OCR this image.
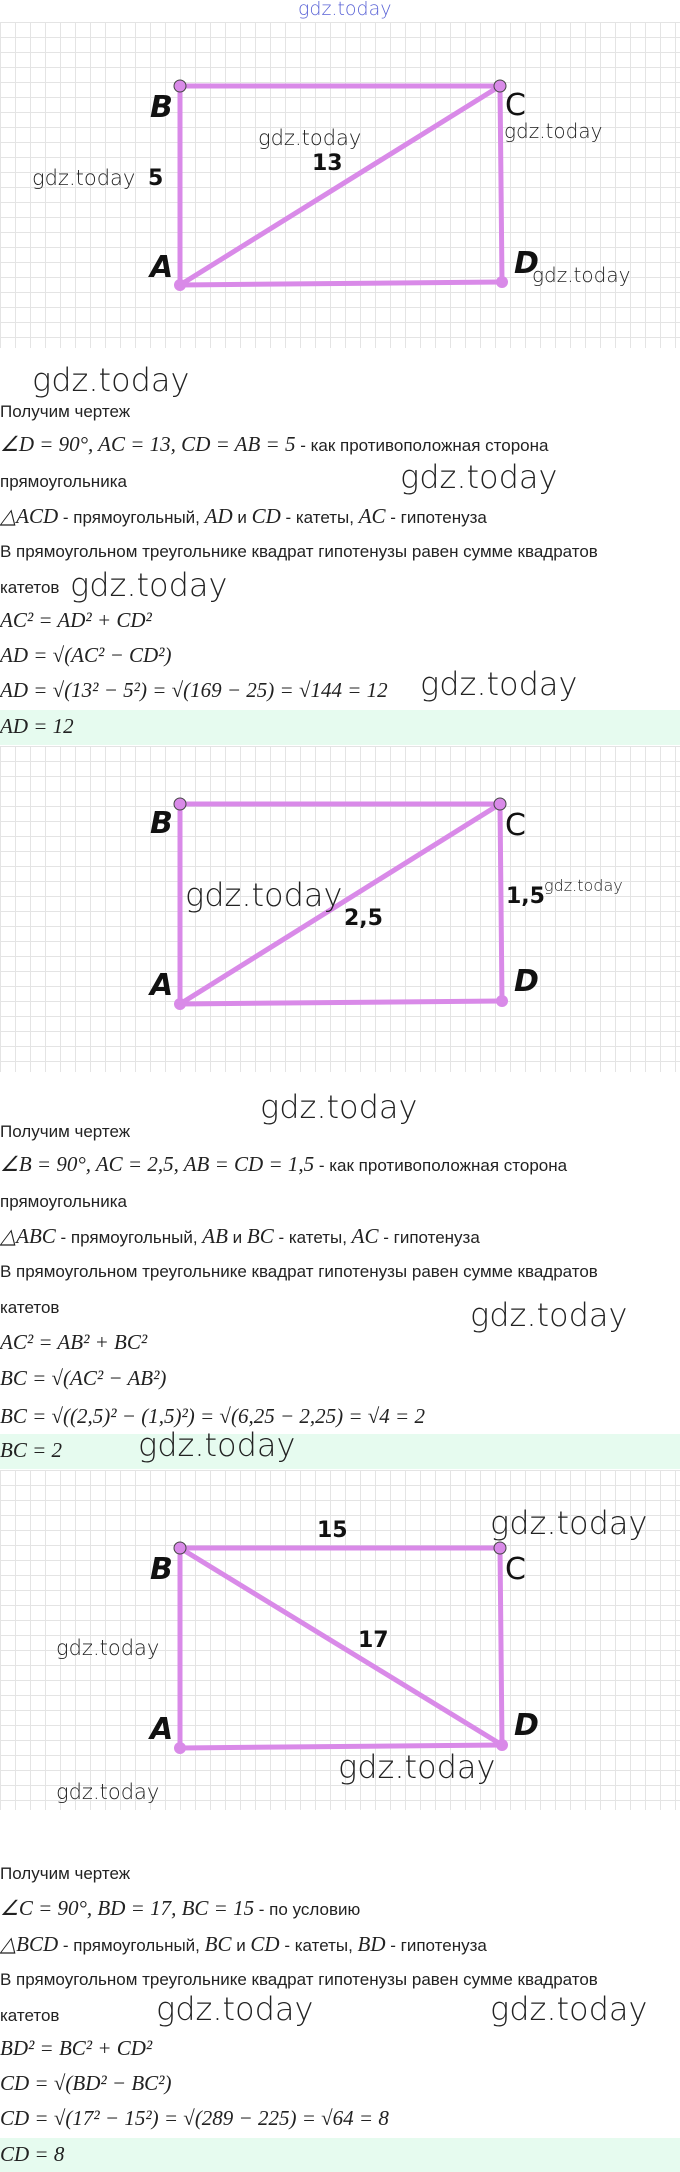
gdz.today
B	C
A	D
5
13
gdz.today	gdz.today
gdz.today
gdz.today
gdz.today
Получим чертеж
∠D = 90°, AC = 13, CD = AB = 5 - как противоположная сторона
прямоугольника	gdz.today
△ACD - прямоугольный, AD и CD - катеты, AC - гипотенуза
В прямоугольном треугольнике квадрат гипотенузы равен сумме квадратов
катетов gdz.today
AC² = AD² + CD²
AD = √(AC² − CD²)
AD = √(13² − 5²) = √(169 − 25) = √144 = 12 gdz.today
AD = 12
B	C
A	D
1,5
2,5
gdz.today	gdz.today
gdz.today
Получим чертеж
∠B = 90°, AC = 2,5, AB = CD = 1,5 - как противоположная сторона
прямоугольника
△ABC - прямоугольный, AB и BC - катеты, AC - гипотенуза
В прямоугольном треугольнике квадрат гипотенузы равен сумме квадратов
катетов	gdz.today
AC² = AB² + BC²
BC = √(AC² − AB²)
BC = √((2,5)² − (1,5)²) = √(6,25 − 2,25) = √4 = 2
BC = 2 gdz.today
B	C
A	D
15
17
gdz.today
gdz.today
gdz.today
gdz.today
Получим чертеж
∠C = 90°, BD = 17, BC = 15 - по условию
△BCD - прямоугольный, BC и CD - катеты, BD - гипотенуза
В прямоугольном треугольнике квадрат гипотенузы равен сумме квадратов
катетов	gdz.today	gdz.today
BD² = BC² + CD²
CD = √(BD² − BC²)
CD = √(17² − 15²) = √(289 − 225) = √64 = 8
CD = 8
